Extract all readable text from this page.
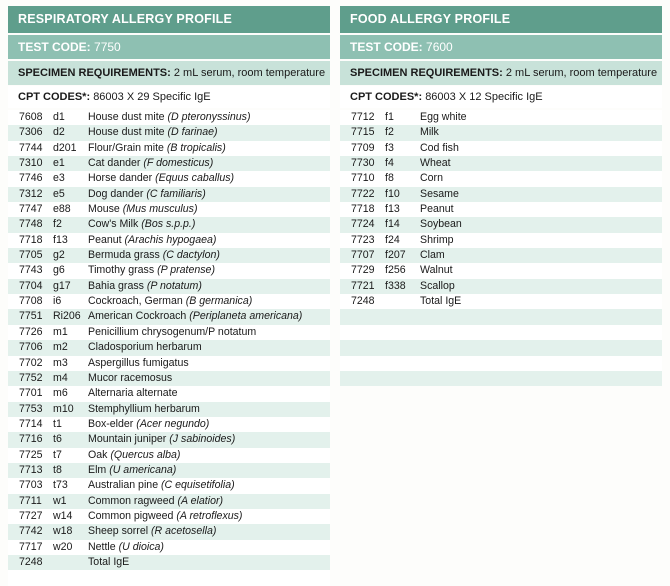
RESPIRATORY ALLERGY PROFILE
TEST CODE: 7750
SPECIMEN REQUIREMENTS: 2 mL serum, room temperature
CPT CODES*: 86003 X 29 Specific IgE
7608 d1 House dust mite (D pteronyssinus)
7306 d2 House dust mite (D farinae)
7744 d201 Flour/Grain mite (B tropicalis)
7310 e1 Cat dander (F domesticus)
7746 e3 Horse dander (Equus caballus)
7312 e5 Dog dander (C familiaris)
7747 e88 Mouse (Mus musculus)
7748 f2 Cow's Milk (Bos s.p.p.)
7718 f13 Peanut (Arachis hypogaea)
7705 g2 Bermuda grass (C dactylon)
7743 g6 Timothy grass (P pratense)
7704 g17 Bahia grass (P notatum)
7708 i6	Cockroach, German (B germanica)
7751 Ri206 American Cockroach (Periplaneta americana)
7726 m1 Penicillium chrysogenum/P notatum
7706 m2 Cladosporium herbarum
7702 m3 Aspergillus fumigatus
7752 m4 Mucor racemosus
7701 m6 Alternaria alternate
7753 m10 Stemphyllium herbarum
7714 t1 Box-elder (Acer negundo)
7716 t6 Mountain juniper (J sabinoides)
7725 t7 Oak (Quercus alba)
7713 t8 Elm (U americana)
7703 t73 Australian pine (C equisetifolia)
7711 w1 Common ragweed (A elatior)
7727 w14 Common pigweed (A retroflexus)
7742 w18 Sheep sorrel (R acetosella)
7717 w20 Nettle (U dioica)
7248	Total IgE
FOOD ALLERGY PROFILE
TEST CODE: 7600
SPECIMEN REQUIREMENTS: 2 mL serum, room temperature
CPT CODES*: 86003 X 12 Specific IgE
7712 f1 Egg white
7715 f2 Milk
7709 f3 Cod fish
7730 f4 Wheat
7710 f8 Corn
7722 f10 Sesame
7718 f13 Peanut
7724 f14 Soybean
7723 f24 Shrimp
7707 f207 Clam
7729 f256 Walnut
7721 f338 Scallop
7248	Total IgE
